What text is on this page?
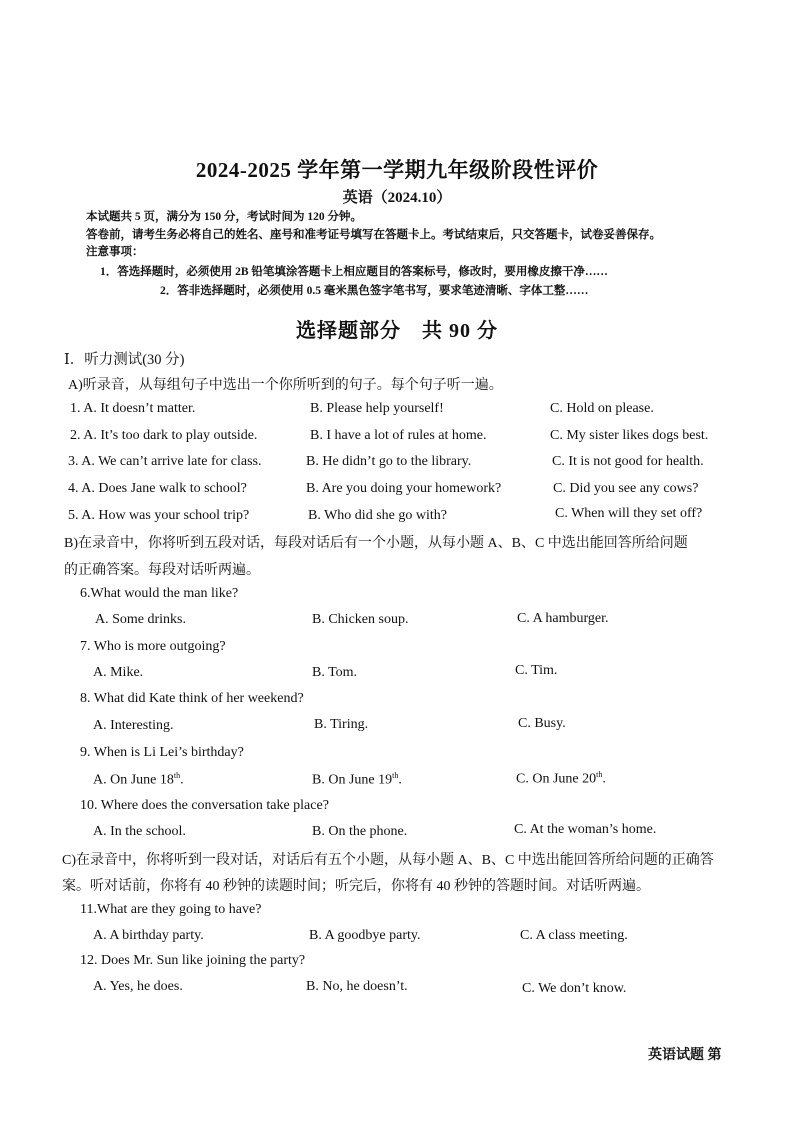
2024-2025 学年第一学期九年级阶段性评价
英语（2024.10）
本试题共 5 页，满分为 150 分，考试时间为 120 分钟。
答卷前，请考生务必将自己的姓名、座号和准考证号填写在答题卡上。考试结束后，只交答题卡，试卷妥善保存。
注意事项：
1．答选择题时，必须使用 2B 铅笔填涂答题卡上相应题目的答案标号，修改时，要用橡皮擦干净……
2．答非选择题时，必须使用 0.5 毫米黑色签字笔书写，要求笔迹清晰、字体工整……
选择题部分　共 90 分
Ⅰ．听力测试(30 分)
A)听录音，从每组句子中选出一个你所听到的句子。每个句子听一遍。
1. A. It doesn’t matter.	B. Please help yourself!	C. Hold on please.
2. A. It’s too dark to play outside.	B. I have a lot of rules at home.	C. My sister likes dogs best.
3. A. We can’t arrive late for class.	B. He didn’t go to the library.	C. It is not good for health.
4. A. Does Jane walk to school?	B. Are you doing your homework?	C. Did you see any cows?
5. A. How was your school trip?	B. Who did she go with?	C. When will they set off?
B)在录音中，你将听到五段对话，每段对话后有一个小题，从每小题 A、B、C 中选出能回答所给问题
的正确答案。每段对话听两遍。
6.What would the man like?
A. Some drinks.	B. Chicken soup.	C. A hamburger.
7. Who is more outgoing?
A. Mike.	B. Tom.	C. Tim.
8. What did Kate think of her weekend?
A. Interesting.	B. Tiring.	C. Busy.
9. When is Li Lei’s birthday?
A. On June 18th.	B. On June 19th.	C. On June 20th.
10. Where does the conversation take place?
A. In the school.	B. On the phone.	C. At the woman’s home.
C)在录音中，你将听到一段对话，对话后有五个小题，从每小题 A、B、C 中选出能回答所给问题的正确答
案。听对话前，你将有 40 秒钟的读题时间；听完后，你将有 40 秒钟的答题时间。对话听两遍。
11.What are they going to have?
A. A birthday party.	B. A goodbye party.	C. A class meeting.
12. Does Mr. Sun like joining the party?
A. Yes, he does.	B. No, he doesn’t.	C. We don’t know.
英语试题 第
